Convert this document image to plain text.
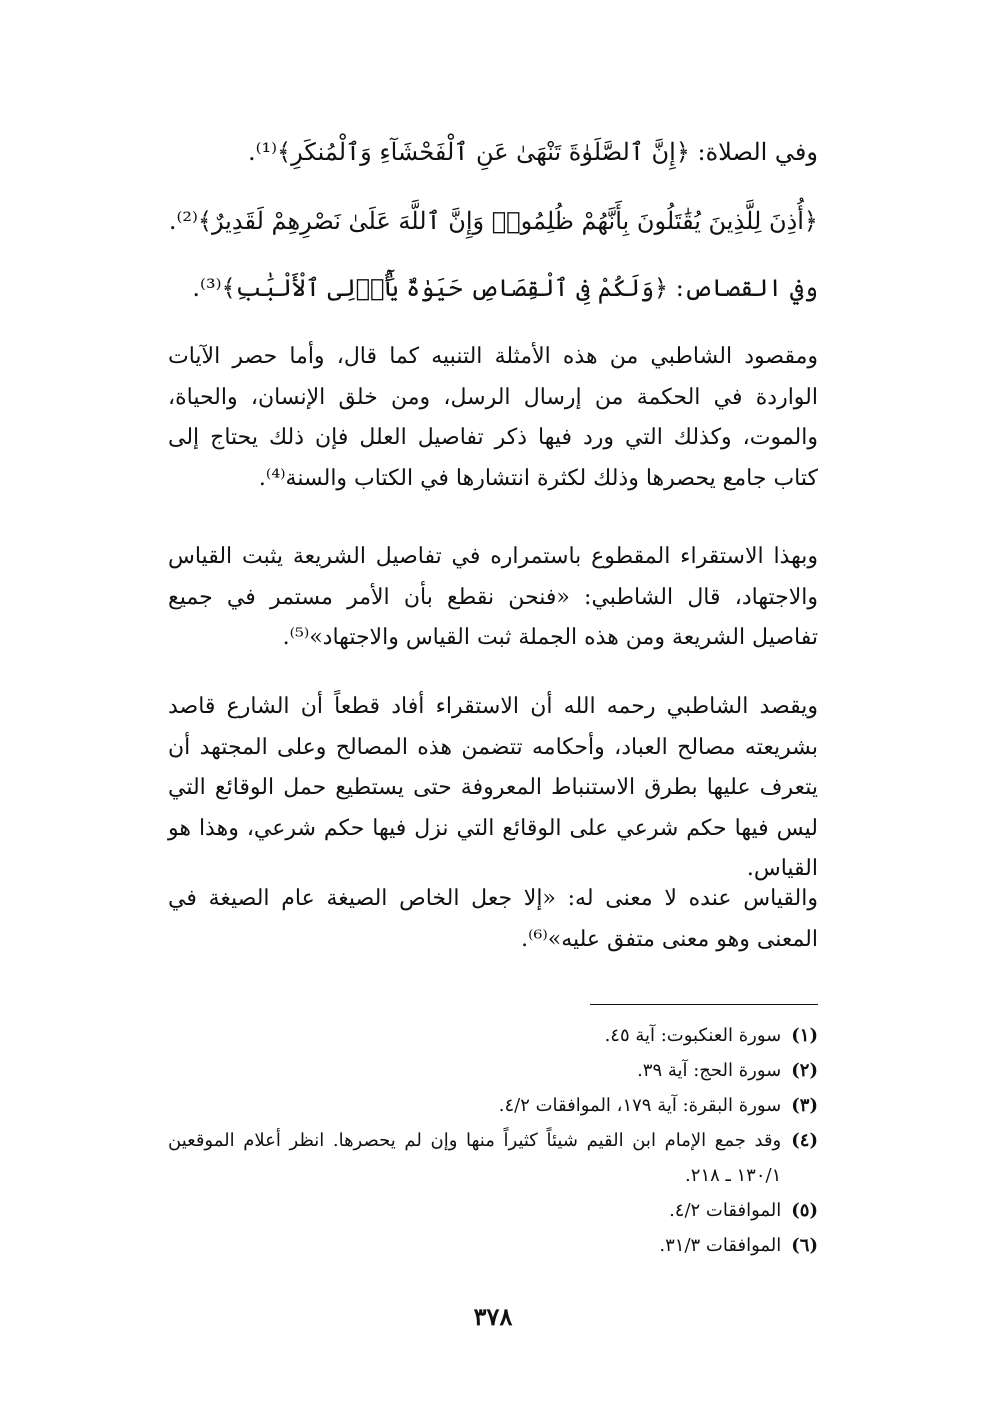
وفي الصلاة: ﴿إِنَّ ٱلصَّلَوٰةَ تَنْهَىٰ عَنِ ٱلْفَحْشَآءِ وَٱلْمُنكَرِ﴾⁽¹⁾.
﴿أُذِنَ لِلَّذِينَ يُقَٰتَلُونَ بِأَنَّهُمْ ظُلِمُوا۟ وَإِنَّ ٱللَّهَ عَلَىٰ نَصْرِهِمْ لَقَدِيرٌ﴾⁽²⁾.
وفي القصاص: ﴿وَلَكُمْ فِى ٱلْقِصَاصِ حَيَوٰةٌ يَٰٓأُو۟لِى ٱلْأَلْبَٰبِ﴾⁽³⁾.
ومقصود الشاطبي من هذه الأمثلة التنبيه كما قال، وأما حصر الآيات الواردة في الحكمة من إرسال الرسل، ومن خلق الإنسان، والحياة، والموت، وكذلك التي ورد فيها ذكر تفاصيل العلل فإن ذلك يحتاج إلى كتاب جامع يحصرها وذلك لكثرة انتشارها في الكتاب والسنة⁽⁴⁾.
وبهذا الاستقراء المقطوع باستمراره في تفاصيل الشريعة يثبت القياس والاجتهاد، قال الشاطبي: «فنحن نقطع بأن الأمر مستمر في جميع تفاصيل الشريعة ومن هذه الجملة ثبت القياس والاجتهاد»⁽⁵⁾.
ويقصد الشاطبي رحمه الله أن الاستقراء أفاد قطعاً أن الشارع قاصد بشريعته مصالح العباد، وأحكامه تتضمن هذه المصالح وعلى المجتهد أن يتعرف عليها بطرق الاستنباط المعروفة حتى يستطيع حمل الوقائع التي ليس فيها حكم شرعي على الوقائع التي نزل فيها حكم شرعي، وهذا هو القياس.
والقياس عنده لا معنى له: «إلا جعل الخاص الصيغة عام الصيغة في المعنى وهو معنى متفق عليه»⁽⁶⁾.
(١)
سورة العنكبوت: آية ٤٥.
(٢)
سورة الحج: آية ٣٩.
(٣)
سورة البقرة: آية ١٧٩، الموافقات ٤/٢.
(٤)
وقد جمع الإمام ابن القيم شيئاً كثيراً منها وإن لم يحصرها. انظر أعلام الموقعين ١٣٠/١ ـ ٢١٨.
(٥)
الموافقات ٤/٢.
(٦)
الموافقات ٣١/٣.
٣٧٨
